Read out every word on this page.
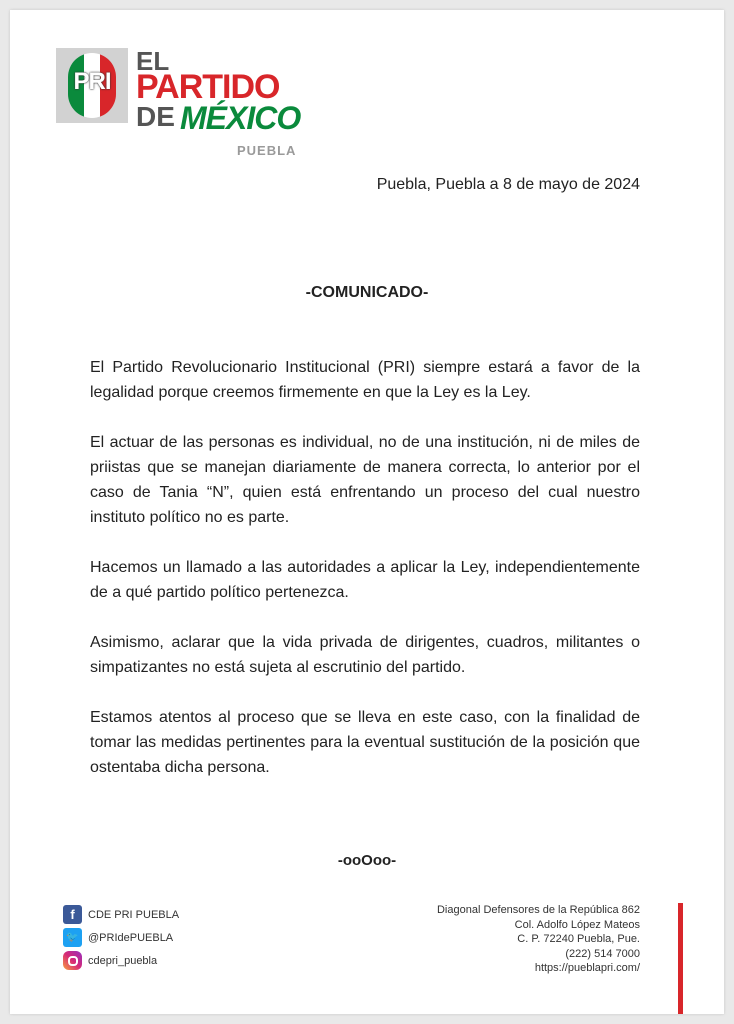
PRI
EL
PARTIDO
DE MÉXICO
PUEBLA
Puebla, Puebla a 8 de mayo de 2024
-COMUNICADO-

El Partido Revolucionario Institucional (PRI) siempre estará a favor de la legalidad porque creemos firmemente en que la Ley es la Ley.

El actuar de las personas es individual, no de una institución, ni de miles de priistas que se manejan diariamente de manera correcta, lo anterior por el caso de Tania “N”, quien está enfrentando un proceso del cual nuestro instituto político no es parte.

Hacemos un llamado a las autoridades a aplicar la Ley, independientemente de a qué partido político pertenezca.

Asimismo, aclarar que la vida privada de dirigentes, cuadros, militantes o simpatizantes no está sujeta al escrutinio del partido.

Estamos atentos al proceso que se lleva en este caso, con la finalidad de tomar las medidas pertinentes para la eventual sustitución de la posición que ostentaba dicha persona.

-ooOoo-
f	CDE PRI PUEBLA
🐦 @PRIdePUEBLA
cdepri_puebla
Diagonal Defensores de la República 862
Col. Adolfo López Mateos
C. P. 72240 Puebla, Pue.
(222) 514 7000
https://pueblapri.com/
